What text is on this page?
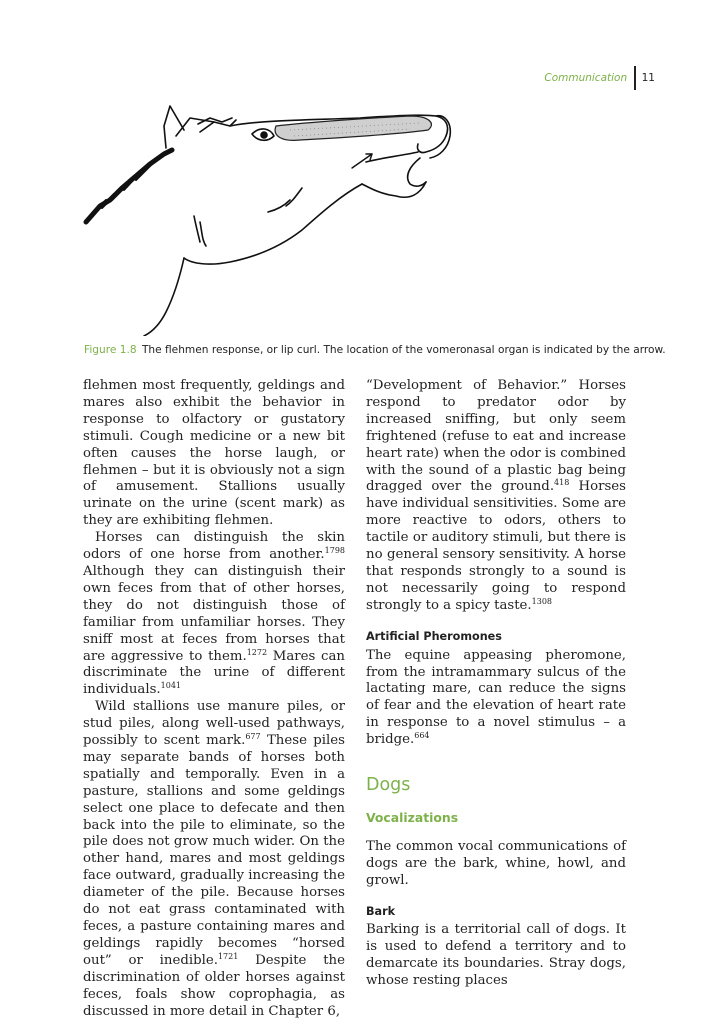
Communication	11
Figure 1.8 The flehmen response, or lip curl. The location of the vomeronasal organ is indicated by the arrow.

flehmen most frequently, geldings and mares also exhibit the behavior in response to olfactory or gustatory stimuli. Cough medicine or a new bit often causes the horse laugh, or flehmen – but it is obviously not a sign of amusement. Stallions usually urinate on the urine (scent mark) as they are exhibiting flehmen.

Horses can distinguish the skin odors of one horse from another.$^{1798}$ Although they can distinguish their own feces from that of other horses, they do not distinguish those of familiar from unfamiliar horses. They sniff most at feces from horses that are aggressive to them.$^{1272}$ Mares can discriminate the urine of different individuals.$^{1041}$

Wild stallions use manure piles, or stud piles, along well-used pathways, possibly to scent mark.$^{677}$ These piles may separate bands of horses both spatially and temporally. Even in a pasture, stallions and some geldings select one place to defecate and then back into the pile to eliminate, so the pile does not grow much wider. On the other hand, mares and most geldings face outward, gradually increasing the diameter of the pile. Because horses do not eat grass contaminated with feces, a pasture containing mares and geldings rapidly becomes “horsed out” or inedible.$^{1721}$ Despite the discrimination of older horses against feces, foals show coprophagia, as discussed in more detail in Chapter 6,

“Development of Behavior.” Horses respond to predator odor by increased sniffing, but only seem frightened (refuse to eat and increase heart rate) when the odor is combined with the sound of a plastic bag being dragged over the ground.$^{418}$ Horses have individual sensitivities. Some are more reactive to odors, others to tactile or auditory stimuli, but there is no general sensory sensitivity. A horse that responds strongly to a sound is not necessarily going to respond strongly to a spicy taste.$^{1308}$

Artificial Pheromones

The equine appeasing pheromone, from the intramammary sulcus of the lactating mare, can reduce the signs of fear and the elevation of heart rate in response to a novel stimulus – a bridge.$^{664}$

Dogs
Vocalizations

The common vocal communications of dogs are the bark, whine, howl, and growl.

Bark

Barking is a territorial call of dogs. It is used to defend a territory and to demarcate its boundaries. Stray dogs, whose resting places
